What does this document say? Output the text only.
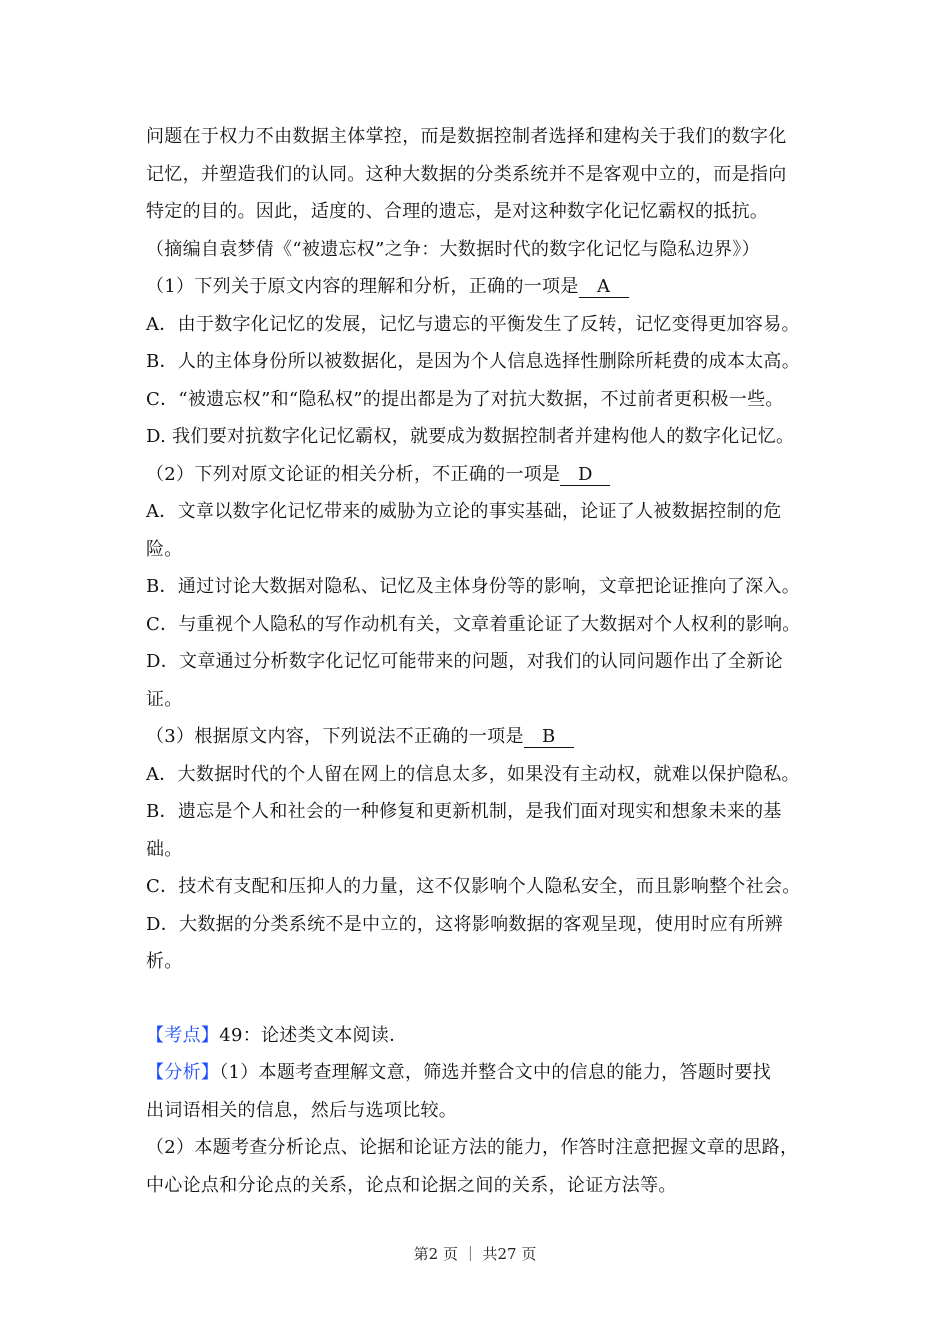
问题在于权力不由数据主体掌控，而是数据控制者选择和建构关于我们的数字化

记忆，并塑造我们的认同。这种大数据的分类系统并不是客观中立的，而是指向

特定的目的。因此，适度的、合理的遗忘，是对这种数字化记忆霸权的抵抗。

（摘编自袁梦倩《“被遗忘权”之争：大数据时代的数字化记忆与隐私边界》）

（1）下列关于原文内容的理解和分析，正确的一项是 A

A．由于数字化记忆的发展，记忆与遗忘的平衡发生了反转，记忆变得更加容易。

B．人的主体身份所以被数据化，是因为个人信息选择性删除所耗费的成本太高。

C．“被遗忘权”和“隐私权”的提出都是为了对抗大数据，不过前者更积极一些。

D. 我们要对抗数字化记忆霸权，就要成为数据控制者并建构他人的数字化记忆。

（2）下列对原文论证的相关分析，不正确的一项是 D

A．文章以数字化记忆带来的威胁为立论的事实基础，论证了人被数据控制的危

险。

B．通过讨论大数据对隐私、记忆及主体身份等的影响，文章把论证推向了深入。

C．与重视个人隐私的写作动机有关，文章着重论证了大数据对个人权利的影响。

D．文章通过分析数字化记忆可能带来的问题，对我们的认同问题作出了全新论

证。

（3）根据原文内容，下列说法不正确的一项是 B

A．大数据时代的个人留在网上的信息太多，如果没有主动权，就难以保护隐私。

B．遗忘是个人和社会的一种修复和更新机制，是我们面对现实和想象未来的基

础。

C．技术有支配和压抑人的力量，这不仅影响个人隐私安全，而且影响整个社会。

D．大数据的分类系统不是中立的，这将影响数据的客观呈现，使用时应有所辨

析。

【考点】49：论述类文本阅读．

【分析】（1）本题考查理解文意，筛选并整合文中的信息的能力，答题时要找

出词语相关的信息，然后与选项比较。

（2）本题考查分析论点、论据和论证方法的能力，作答时注意把握文章的思路，

中心论点和分论点的关系，论点和论据之间的关系，论证方法等。

第2 页 ｜ 共27 页
